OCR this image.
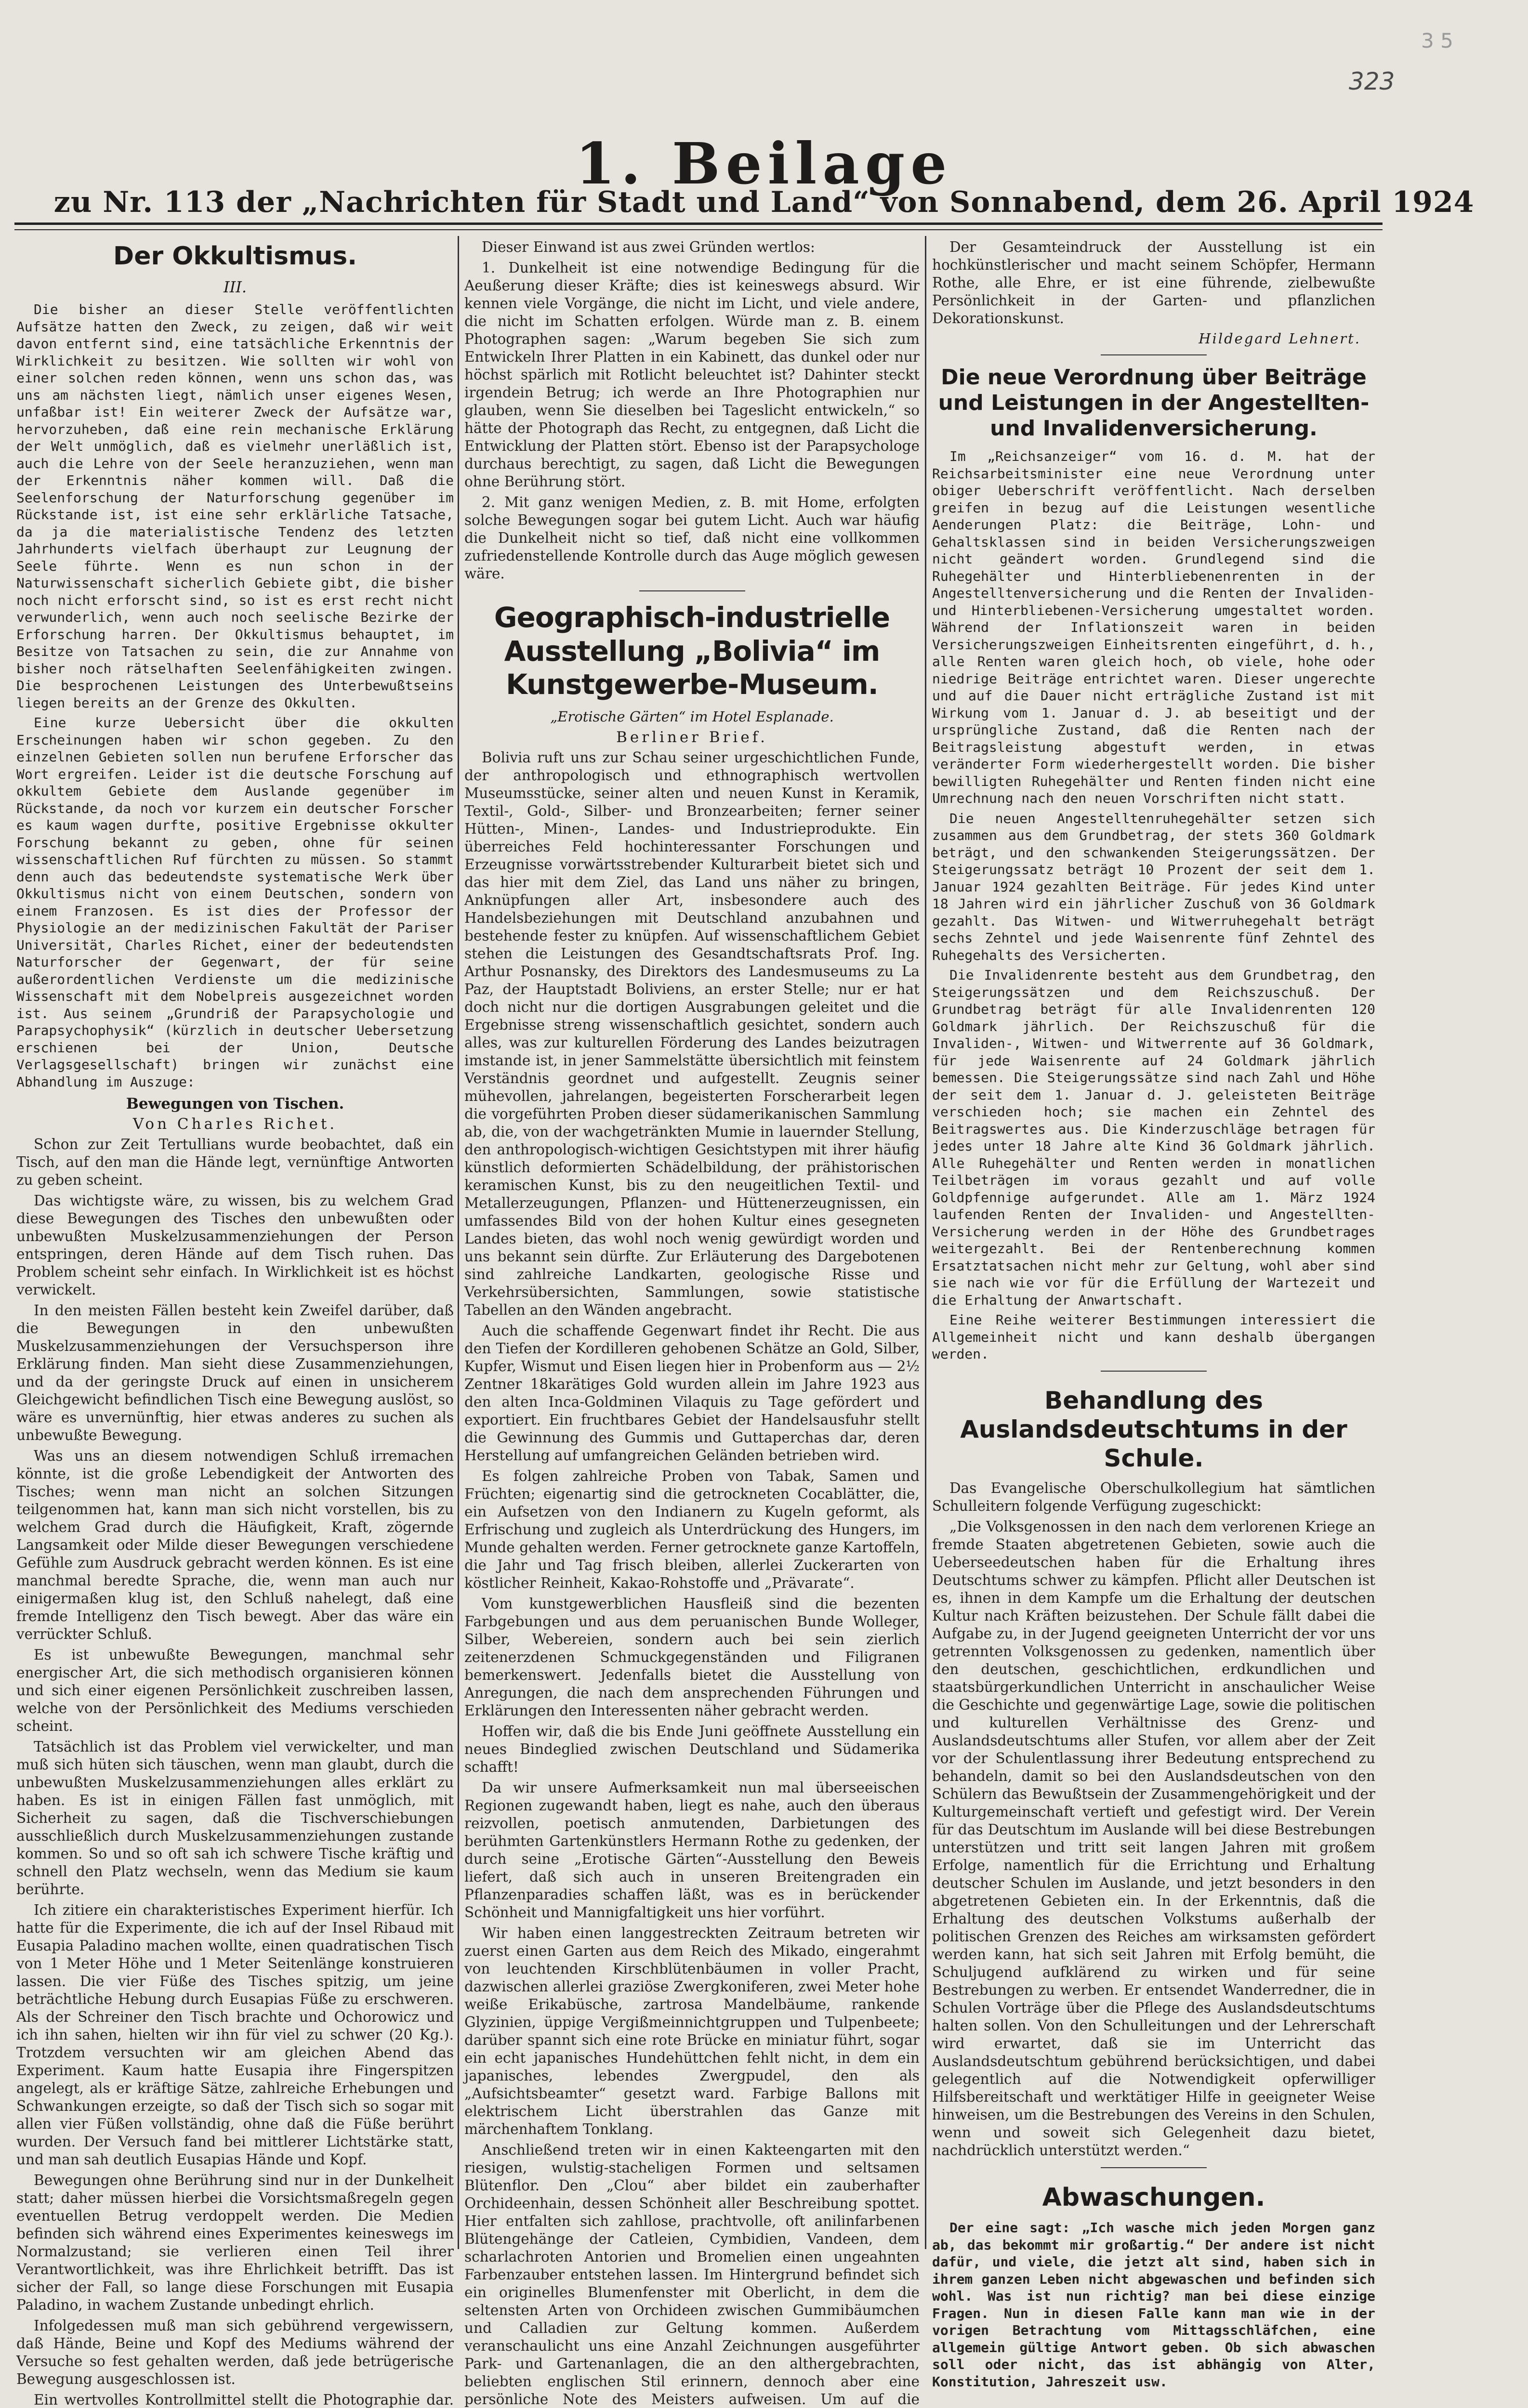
3 5
323
1. Beilage
zu Nr. 113 der „Nachrichten für Stadt und Land“ von Sonnabend, dem 26. April 1924
Der Okkultismus.
III.

Die bisher an dieser Stelle veröffentlichten Aufsätze hatten den Zweck, zu zeigen, daß wir weit davon entfernt sind, eine tatsächliche Erkenntnis der Wirklichkeit zu besitzen. Wie sollten wir wohl von einer solchen reden können, wenn uns schon das, was uns am nächsten liegt, nämlich unser eigenes Wesen, unfaßbar ist! Ein weiterer Zweck der Aufsätze war, hervorzuheben, daß eine rein mechanische Erklärung der Welt unmöglich, daß es vielmehr unerläßlich ist, auch die Lehre von der Seele heranzuziehen, wenn man der Erkenntnis näher kommen will. Daß die Seelenforschung der Naturforschung gegenüber im Rückstande ist, ist eine sehr erklärliche Tatsache, da ja die materialistische Tendenz des letzten Jahrhunderts vielfach überhaupt zur Leugnung der Seele führte. Wenn es nun schon in der Naturwissenschaft sicherlich Gebiete gibt, die bisher noch nicht erforscht sind, so ist es erst recht nicht verwunderlich, wenn auch noch seelische Bezirke der Erforschung harren. Der Okkultismus behauptet, im Besitze von Tatsachen zu sein, die zur Annahme von bisher noch rätselhaften Seelenfähigkeiten zwingen. Die besprochenen Leistungen des Unterbewußtseins liegen bereits an der Grenze des Okkulten.

Eine kurze Uebersicht über die okkulten Erscheinungen haben wir schon gegeben. Zu den einzelnen Gebieten sollen nun berufene Erforscher das Wort ergreifen. Leider ist die deutsche Forschung auf okkultem Gebiete dem Auslande gegenüber im Rückstande, da noch vor kurzem ein deutscher Forscher es kaum wagen durfte, positive Ergebnisse okkulter Forschung bekannt zu geben, ohne für seinen wissenschaftlichen Ruf fürchten zu müssen. So stammt denn auch das bedeutendste systematische Werk über Okkultismus nicht von einem Deutschen, sondern von einem Franzosen. Es ist dies der Professor der Physiologie an der medizinischen Fakultät der Pariser Universität, Charles Richet, einer der bedeutendsten Naturforscher der Gegenwart, der für seine außerordentlichen Verdienste um die medizinische Wissenschaft mit dem Nobelpreis ausgezeichnet worden ist. Aus seinem „Grundriß der Parapsychologie und Parapsychophysik“ (kürzlich in deutscher Uebersetzung erschienen bei der Union, Deutsche Verlagsgesellschaft) bringen wir zunächst eine Abhandlung im Auszuge:

Bewegungen von Tischen.
Von Charles Richet.

Schon zur Zeit Tertullians wurde beobachtet, daß ein Tisch, auf den man die Hände legt, vernünftige Antworten zu geben scheint.

Das wichtigste wäre, zu wissen, bis zu welchem Grad diese Bewegungen des Tisches den unbewußten oder unbewußten Muskelzusammenziehungen der Person entspringen, deren Hände auf dem Tisch ruhen. Das Problem scheint sehr einfach. In Wirklichkeit ist es höchst verwickelt.

In den meisten Fällen besteht kein Zweifel darüber, daß die Bewegungen in den unbewußten Muskelzusammenziehungen der Versuchsperson ihre Erklärung finden. Man sieht diese Zusammenziehungen, und da der geringste Druck auf einen in unsicherem Gleichgewicht befindlichen Tisch eine Bewegung auslöst, so wäre es unvernünftig, hier etwas anderes zu suchen als unbewußte Bewegung.

Was uns an diesem notwendigen Schluß irremachen könnte, ist die große Lebendigkeit der Antworten des Tisches; wenn man nicht an solchen Sitzungen teilgenommen hat, kann man sich nicht vorstellen, bis zu welchem Grad durch die Häufigkeit, Kraft, zögernde Langsamkeit oder Milde dieser Bewegungen verschiedene Gefühle zum Ausdruck gebracht werden können. Es ist eine manchmal beredte Sprache, die, wenn man auch nur einigermaßen klug ist, den Schluß nahelegt, daß eine fremde Intelligenz den Tisch bewegt. Aber das wäre ein verrückter Schluß.

Es ist unbewußte Bewegungen, manchmal sehr energischer Art, die sich methodisch organisieren können und sich einer eigenen Persönlichkeit zuschreiben lassen, welche von der Persönlichkeit des Mediums verschieden scheint.

Tatsächlich ist das Problem viel verwickelter, und man muß sich hüten sich täuschen, wenn man glaubt, durch die unbewußten Muskelzusammenziehungen alles erklärt zu haben. Es ist in einigen Fällen fast unmöglich, mit Sicherheit zu sagen, daß die Tischverschiebungen ausschließlich durch Muskelzusammenziehungen zustande kommen. So und so oft sah ich schwere Tische kräftig und schnell den Platz wechseln, wenn das Medium sie kaum berührte.

Ich zitiere ein charakteristisches Experiment hierfür. Ich hatte für die Experimente, die ich auf der Insel Ribaud mit Eusapia Paladino machen wollte, einen quadratischen Tisch von 1 Meter Höhe und 1 Meter Seitenlänge konstruieren lassen. Die vier Füße des Tisches spitzig, um jeine beträchtliche Hebung durch Eusapias Füße zu erschweren. Als der Schreiner den Tisch brachte und Ochorowicz und ich ihn sahen, hielten wir ihn für viel zu schwer (20 Kg.). Trotzdem versuchten wir am gleichen Abend das Experiment. Kaum hatte Eusapia ihre Fingerspitzen angelegt, als er kräftige Sätze, zahlreiche Erhebungen und Schwankungen erzeigte, so daß der Tisch sich so sogar mit allen vier Füßen vollständig, ohne daß die Füße berührt wurden. Der Versuch fand bei mittlerer Lichtstärke statt, und man sah deutlich Eusapias Hände und Kopf.

Bewegungen ohne Berührung sind nur in der Dunkelheit statt; daher müssen hierbei die Vorsichtsmaßregeln gegen eventuellen Betrug verdoppelt werden. Die Medien befinden sich während eines Experimentes keineswegs im Normalzustand; sie verlieren einen Teil ihrer Verantwortlichkeit, was ihre Ehrlichkeit betrifft. Das ist sicher der Fall, so lange diese Forschungen mit Eusapia Paladino, in wachem Zustande unbedingt ehrlich.

Infolgedessen muß man sich gebührend vergewissern, daß Hände, Beine und Kopf des Mediums während der Versuche so fest gehalten werden, daß jede betrügerische Bewegung ausgeschlossen ist.

Ein wertvolles Kontrollmittel stellt die Photographie dar.

Dieser Einwand ist aus zwei Gründen wertlos:

1. Dunkelheit ist eine notwendige Bedingung für die Aeußerung dieser Kräfte; dies ist keineswegs absurd. Wir kennen viele Vorgänge, die nicht im Licht, und viele andere, die nicht im Schatten erfolgen. Würde man z. B. einem Photographen sagen: „Warum begeben Sie sich zum Entwickeln Ihrer Platten in ein Kabinett, das dunkel oder nur höchst spärlich mit Rotlicht beleuchtet ist? Dahinter steckt irgendein Betrug; ich werde an Ihre Photographien nur glauben, wenn Sie dieselben bei Tageslicht entwickeln,“ so hätte der Photograph das Recht, zu entgegnen, daß Licht die Entwicklung der Platten stört. Ebenso ist der Parapsychologe durchaus berechtigt, zu sagen, daß Licht die Bewegungen ohne Berührung stört.

2. Mit ganz wenigen Medien, z. B. mit Home, erfolgten solche Bewegungen sogar bei gutem Licht. Auch war häufig die Dunkelheit nicht so tief, daß nicht eine vollkommen zufriedenstellende Kontrolle durch das Auge möglich gewesen wäre.

Geographisch-industrielle Ausstellung „Bolivia“ im Kunstgewerbe-Museum.
„Erotische Gärten“ im Hotel Esplanade.
Berliner Brief.

Bolivia ruft uns zur Schau seiner urgeschichtlichen Funde, der anthropologisch und ethnographisch wertvollen Museumsstücke, seiner alten und neuen Kunst in Keramik, Textil-, Gold-, Silber- und Bronzearbeiten; ferner seiner Hütten-, Minen-, Landes- und Industrieprodukte. Ein überreiches Feld hochinteressanter Forschungen und Erzeugnisse vorwärtsstrebender Kulturarbeit bietet sich und das hier mit dem Ziel, das Land uns näher zu bringen, Anknüpfungen aller Art, insbesondere auch des Handelsbeziehungen mit Deutschland anzubahnen und bestehende fester zu knüpfen. Auf wissenschaftlichem Gebiet stehen die Leistungen des Gesandtschaftsrats Prof. Ing. Arthur Posnansky, des Direktors des Landesmuseums zu La Paz, der Hauptstadt Boliviens, an erster Stelle; nur er hat doch nicht nur die dortigen Ausgrabungen geleitet und die Ergebnisse streng wissenschaftlich gesichtet, sondern auch alles, was zur kulturellen Förderung des Landes beizutragen imstande ist, in jener Sammelstätte übersichtlich mit feinstem Verständnis geordnet und aufgestellt. Zeugnis seiner mühevollen, jahrelangen, begeisterten Forscherarbeit legen die vorgeführten Proben dieser südamerikanischen Sammlung ab, die, von der wachgetränkten Mumie in lauernder Stellung, den anthropologisch-wichtigen Gesichtstypen mit ihrer häufig künstlich deformierten Schädelbildung, der prähistorischen keramischen Kunst, bis zu den neugeitlichen Textil- und Metallerzeugungen, Pflanzen- und Hüttenerzeugnissen, ein umfassendes Bild von der hohen Kultur eines gesegneten Landes bieten, das wohl noch wenig gewürdigt worden und uns bekannt sein dürfte. Zur Erläuterung des Dargebotenen sind zahlreiche Landkarten, geologische Risse und Verkehrsübersichten, Sammlungen, sowie statistische Tabellen an den Wänden angebracht.

Auch die schaffende Gegenwart findet ihr Recht. Die aus den Tiefen der Kordilleren gehobenen Schätze an Gold, Silber, Kupfer, Wismut und Eisen liegen hier in Probenform aus — 2½ Zentner 18karätiges Gold wurden allein im Jahre 1923 aus den alten Inca-Goldminen Vilaquis zu Tage gefördert und exportiert. Ein fruchtbares Gebiet der Handelsausfuhr stellt die Gewinnung des Gummis und Guttaperchas dar, deren Herstellung auf umfangreichen Geländen betrieben wird.

Es folgen zahlreiche Proben von Tabak, Samen und Früchten; eigenartig sind die getrockneten Cocablätter, die, ein Aufsetzen von den Indianern zu Kugeln geformt, als Erfrischung und zugleich als Unterdrückung des Hungers, im Munde gehalten werden. Ferner getrocknete ganze Kartoffeln, die Jahr und Tag frisch bleiben, allerlei Zuckerarten von köstlicher Reinheit, Kakao-Rohstoffe und „Prävarate“.

Vom kunstgewerblichen Hausfleiß sind die bezenten Farbgebungen und aus dem peruanischen Bunde Wolleger, Silber, Webereien, sondern auch bei sein zierlich zeitenerzdenen Schmuckgegenständen und Filigranen bemerkenswert. Jedenfalls bietet die Ausstellung von Anregungen, die nach dem ansprechenden Führungen und Erklärungen den Interessenten näher gebracht werden.

Hoffen wir, daß die bis Ende Juni geöffnete Ausstellung ein neues Bindeglied zwischen Deutschland und Südamerika schafft!

Da wir unsere Aufmerksamkeit nun mal überseeischen Regionen zugewandt haben, liegt es nahe, auch den überaus reizvollen, poetisch anmutenden, Darbietungen des berühmten Gartenkünstlers Hermann Rothe zu gedenken, der durch seine „Erotische Gärten“-Ausstellung den Beweis liefert, daß sich auch in unseren Breitengraden ein Pflanzenparadies schaffen läßt, was es in berückender Schönheit und Mannigfaltigkeit uns hier vorführt.

Wir haben einen langgestreckten Zeitraum betreten wir zuerst einen Garten aus dem Reich des Mikado, eingerahmt von leuchtenden Kirschblütenbäumen in voller Pracht, dazwischen allerlei graziöse Zwergkoniferen, zwei Meter hohe weiße Erikabüsche, zartrosa Mandelbäume, rankende Glyzinien, üppige Vergißmeinnichtgruppen und Tulpenbeete; darüber spannt sich eine rote Brücke en miniatur führt, sogar ein echt japanisches Hundehüttchen fehlt nicht, in dem ein japanisches, lebendes Zwergpudel, den als „Aufsichtsbeamter“ gesetzt ward. Farbige Ballons mit elektrischem Licht überstrahlen das Ganze mit märchenhaftem Tonklang.

Anschließend treten wir in einen Kakteengarten mit den riesigen, wulstig-stacheligen Formen und seltsamen Blütenflor. Den „Clou“ aber bildet ein zauberhafter Orchideenhain, dessen Schönheit aller Beschreibung spottet. Hier entfalten sich zahllose, prachtvolle, oft anilinfarbenen Blütengehänge der Catleien, Cymbidien, Vandeen, dem scharlachroten Antorien und Bromelien einen ungeahnten Farbenzauber entstehen lassen. Im Hintergrund befindet sich ein originelles Blumenfenster mit Oberlicht, in dem die seltensten Arten von Orchideen zwischen Gummibäumchen und Calladien zur Geltung kommen. Außerdem veranschaulicht uns eine Anzahl Zeichnungen ausgeführter Park- und Gartenanlagen, die an den althergebrachten, beliebten englischen Stil erinnern, dennoch aber eine persönliche Note des Meisters aufweisen. Um auf die

Der Gesamteindruck der Ausstellung ist ein hochkünstlerischer und macht seinem Schöpfer, Hermann Rothe, alle Ehre, er ist eine führende, zielbewußte Persönlichkeit in der Garten- und pflanzlichen Dekorationskunst.

Hildegard Lehnert.
Die neue Verordnung über Beiträge und Leistungen in der Angestellten- und Invalidenversicherung.

Im „Reichsanzeiger“ vom 16. d. M. hat der Reichsarbeitsminister eine neue Verordnung unter obiger Ueberschrift veröffentlicht. Nach derselben greifen in bezug auf die Leistungen wesentliche Aenderungen Platz: die Beiträge, Lohn- und Gehaltsklassen sind in beiden Versicherungszweigen nicht geändert worden. Grundlegend sind die Ruhegehälter und Hinterbliebenenrenten in der Angestelltenversicherung und die Renten der Invaliden- und Hinterbliebenen-Versicherung umgestaltet worden. Während der Inflationszeit waren in beiden Versicherungszweigen Einheitsrenten eingeführt, d. h., alle Renten waren gleich hoch, ob viele, hohe oder niedrige Beiträge entrichtet waren. Dieser ungerechte und auf die Dauer nicht erträgliche Zustand ist mit Wirkung vom 1. Januar d. J. ab beseitigt und der ursprüngliche Zustand, daß die Renten nach der Beitragsleistung abgestuft werden, in etwas veränderter Form wiederhergestellt worden. Die bisher bewilligten Ruhegehälter und Renten finden nicht eine Umrechnung nach den neuen Vorschriften nicht statt.

Die neuen Angestelltenruhegehälter setzen sich zusammen aus dem Grundbetrag, der stets 360 Goldmark beträgt, und den schwankenden Steigerungssätzen. Der Steigerungssatz beträgt 10 Prozent der seit dem 1. Januar 1924 gezahlten Beiträge. Für jedes Kind unter 18 Jahren wird ein jährlicher Zuschuß von 36 Goldmark gezahlt. Das Witwen- und Witwerruhegehalt beträgt sechs Zehntel und jede Waisenrente fünf Zehntel des Ruhegehalts des Versicherten.

Die Invalidenrente besteht aus dem Grundbetrag, den Steigerungssätzen und dem Reichszuschuß. Der Grundbetrag beträgt für alle Invalidenrenten 120 Goldmark jährlich. Der Reichszuschuß für die Invaliden-, Witwen- und Witwerrente auf 36 Goldmark, für jede Waisenrente auf 24 Goldmark jährlich bemessen. Die Steigerungssätze sind nach Zahl und Höhe der seit dem 1. Januar d. J. geleisteten Beiträge verschieden hoch; sie machen ein Zehntel des Beitragswertes aus. Die Kinderzuschläge betragen für jedes unter 18 Jahre alte Kind 36 Goldmark jährlich. Alle Ruhegehälter und Renten werden in monatlichen Teilbeträgen im voraus gezahlt und auf volle Goldpfennige aufgerundet. Alle am 1. März 1924 laufenden Renten der Invaliden- und Angestellten-Versicherung werden in der Höhe des Grundbetrages weitergezahlt. Bei der Rentenberechnung kommen Ersatztatsachen nicht mehr zur Geltung, wohl aber sind sie nach wie vor für die Erfüllung der Wartezeit und die Erhaltung der Anwartschaft.

Eine Reihe weiterer Bestimmungen interessiert die Allgemeinheit nicht und kann deshalb übergangen werden.

Behandlung des Auslandsdeutschtums in der Schule.

Das Evangelische Oberschulkollegium hat sämtlichen Schulleitern folgende Verfügung zugeschickt:

„Die Volksgenossen in den nach dem verlorenen Kriege an fremde Staaten abgetretenen Gebieten, sowie auch die Ueberseedeutschen haben für die Erhaltung ihres Deutschtums schwer zu kämpfen. Pflicht aller Deutschen ist es, ihnen in dem Kampfe um die Erhaltung der deutschen Kultur nach Kräften beizustehen. Der Schule fällt dabei die Aufgabe zu, in der Jugend geeigneten Unterricht der vor uns getrennten Volksgenossen zu gedenken, namentlich über den deutschen, geschichtlichen, erdkundlichen und staatsbürgerkundlichen Unterricht in anschaulicher Weise die Geschichte und gegenwärtige Lage, sowie die politischen und kulturellen Verhältnisse des Grenz- und Auslandsdeutschtums aller Stufen, vor allem aber der Zeit vor der Schulentlassung ihrer Bedeutung entsprechend zu behandeln, damit so bei den Auslandsdeutschen von den Schülern das Bewußtsein der Zusammengehörigkeit und der Kulturgemeinschaft vertieft und gefestigt wird. Der Verein für das Deutschtum im Auslande will bei diese Bestrebungen unterstützen und tritt seit langen Jahren mit großem Erfolge, namentlich für die Errichtung und Erhaltung deutscher Schulen im Auslande, und jetzt besonders in den abgetretenen Gebieten ein. In der Erkenntnis, daß die Erhaltung des deutschen Volkstums außerhalb der politischen Grenzen des Reiches am wirksamsten gefördert werden kann, hat sich seit Jahren mit Erfolg bemüht, die Schuljugend aufklärend zu wirken und für seine Bestrebungen zu werben. Er entsendet Wanderredner, die in Schulen Vorträge über die Pflege des Auslandsdeutschtums halten sollen. Von den Schulleitungen und der Lehrerschaft wird erwartet, daß sie im Unterricht das Auslandsdeutschtum gebührend berücksichtigen, und dabei gelegentlich auf die Notwendigkeit opferwilliger Hilfsbereitschaft und werktätiger Hilfe in geeigneter Weise hinweisen, um die Bestrebungen des Vereins in den Schulen, wenn und soweit sich Gelegenheit dazu bietet, nachdrücklich unterstützt werden.“

Abwaschungen.

Der eine sagt: „Ich wasche mich jeden Morgen ganz ab, das bekommt mir großartig.“ Der andere ist nicht dafür, und viele, die jetzt alt sind, haben sich in ihrem ganzen Leben nicht abgewaschen und befinden sich wohl. Was ist nun richtig? man bei diese einzige Fragen. Nun in diesen Falle kann man wie in der vorigen Betrachtung vom Mittagsschläfchen, eine allgemein gültige Antwort geben. Ob sich abwaschen soll oder nicht, das ist abhängig von Alter, Konstitution, Jahreszeit usw.
